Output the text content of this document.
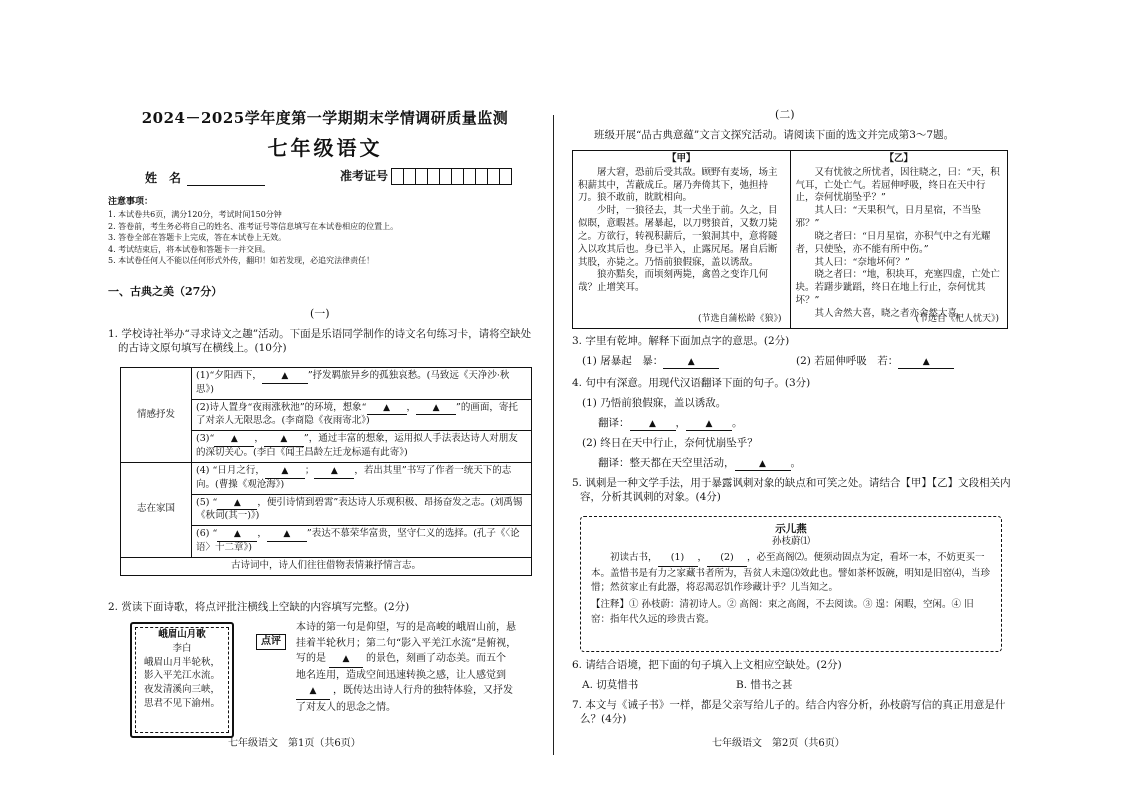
2024－2025学年度第一学期期末学情调研质量监测
七年级语文
姓　名	准考证号
注意事项：

1. 本试卷共6页，满分120分，考试时间150分钟
2. 答卷前，考生务必将自己的姓名、准考证号等信息填写在本试卷相应的位置上。
3. 答卷全部在答题卡上完成，答在本试卷上无效。
4. 考试结束后，将本试卷和答题卡一并交回。
5. 本试卷任何人不能以任何形式外传，翻印！如若发现，必追究法律责任！
一、古典之美（27分）
(一)
1. 学校诗社举办“寻求诗文之趣”活动。下面是乐语同学制作的诗文名句练习卡，请将空缺处
的古诗文原句填写在横线上。(10分)
情感抒发	(1)“夕阳西下， ▲ ”抒发羁旅异乡的孤独哀愁。(马致远《天净沙·秋思》)
	(2)诗人置身“夜雨涨秋池”的环境，想象“ ▲ ， ▲ ”的画面，寄托了对亲人无限思念。(李商隐《夜雨寄北》)
	(3)“ ▲ ， ▲ ”，通过丰富的想象，运用拟人手法表达诗人对朋友的深切关心。(李白《闻王昌龄左迁龙标遥有此寄》)
志在家国	(4) “日月之行， ▲ ； ▲ ，若出其里”书写了作者一统天下的志向。(曹操《观沧海》)
	(5) “ ▲ ，便引诗情到碧霄”表达诗人乐观积极、昂扬奋发之志。(刘禹锡《秋词(其一)》)
	(6) “ ▲ ， ▲ ”表达不慕荣华富贵，坚守仁义的选择。(孔子《〈论语〉十二章》)
古诗词中，诗人们往往借物表情兼抒情言志。	
2. 赏读下面诗歌，将点评批注横线上空缺的内容填写完整。(2分)
峨眉山月歌
李白
峨眉山月半轮秋，
影入平羌江水流。
夜发清溪向三峡，
思君不见下渝州。
点评
本诗的第一句是仰望，写的是高峻的峨眉山前，悬
挂着半轮秋月；第二句“影入平羌江水流”是俯视，
写的是 ▲ 的景色，刻画了动态美。而五个
地名连用，造成空间迅速转换之感，让人感觉到
▲ ，既传达出诗人行舟的独特体验，又抒发
了对友人的思念之情。
七年级语文　第1页（共6页）
(二)
班级开展“品古典意蕴”文言文探究活动。请阅读下面的选文并完成第3～7题。
【甲】
屠大窘，恐前后受其敌。顾野有麦场，场主积薪其中，苫蔽成丘。屠乃奔倚其下，弛担持刀。狼不敢前，眈眈相向。
少时，一狼径去，其一犬坐于前。久之，目似瞑，意暇甚。屠暴起，以刀劈狼首，又数刀毙之。方欲行，转视积薪后，一狼洞其中，意将隧入以攻其后也。身已半入，止露尻尾。屠自后断其股，亦毙之。乃悟前狼假寐，盖以诱敌。
狼亦黠矣，而顷刻两毙，禽兽之变诈几何哉？止增笑耳。
(节选自蒲松龄《狼》)
【乙】
又有忧彼之所忧者，因往晓之，曰：“天，积气耳，亡处亡气。若屈伸呼吸，终日在天中行止，奈何忧崩坠乎？”
其人曰：“天果积气，日月星宿，不当坠邪？”
晓之者曰：“日月星宿，亦积气中之有光耀者，只使坠，亦不能有所中伤。”
其人曰：“奈地坏何？”
晓之者曰：“地，积块耳，充塞四虚，亡处亡块。若躇步跐蹈，终日在地上行止，奈何忧其坏？”
其人舍然大喜，晓之者亦舍然大喜。
(节选自《杞人忧天》)
3. 字里有乾坤。解释下面加点字的意思。(2分)
(1) 屠暴起　暴：	▲	(2) 若屈伸呼吸　若：	▲
4. 句中有深意。用现代汉语翻译下面的句子。(3分)
(1) 乃悟前狼假寐，盖以诱敌。
翻译： ▲ ， ▲ 。
(2) 终日在天中行止，奈何忧崩坠乎？
翻译：整天都在天空里活动，	▲ 。
5. 讽刺是一种文学手法，用于暴露讽刺对象的缺点和可笑之处。请结合【甲】【乙】文段相关内
容，分析其讽刺的对象。(4分)
示儿燕
孙枝蔚⑴
初读古书， (1) ， (2) ，必至高阁⑵。便须动固点为定，看坏一本，不妨更买一本。盖惜书是有力之家藏书者所为，吾贫人未遑⑶效此也。譬如茶杯饭碗，明知是旧窑⑷，当珍惜；然贫家止有此器，将忍渴忍饥作珍藏计乎？儿当知之。
【注释】① 孙枝蔚：清初诗人。② 高阁：束之高阁，不去阅读。③ 遑：闲暇，空闲。④ 旧窑：指年代久远的珍贵古瓷。
6. 请结合语境，把下面的句子填入上文相应空缺处。(2分)
A. 切莫惜书	B. 惜书之甚
7. 本文与《诫子书》一样，都是父亲写给儿子的。结合内容分析，孙枝蔚写信的真正用意是什
么？(4分)
七年级语文　第2页（共6页）
